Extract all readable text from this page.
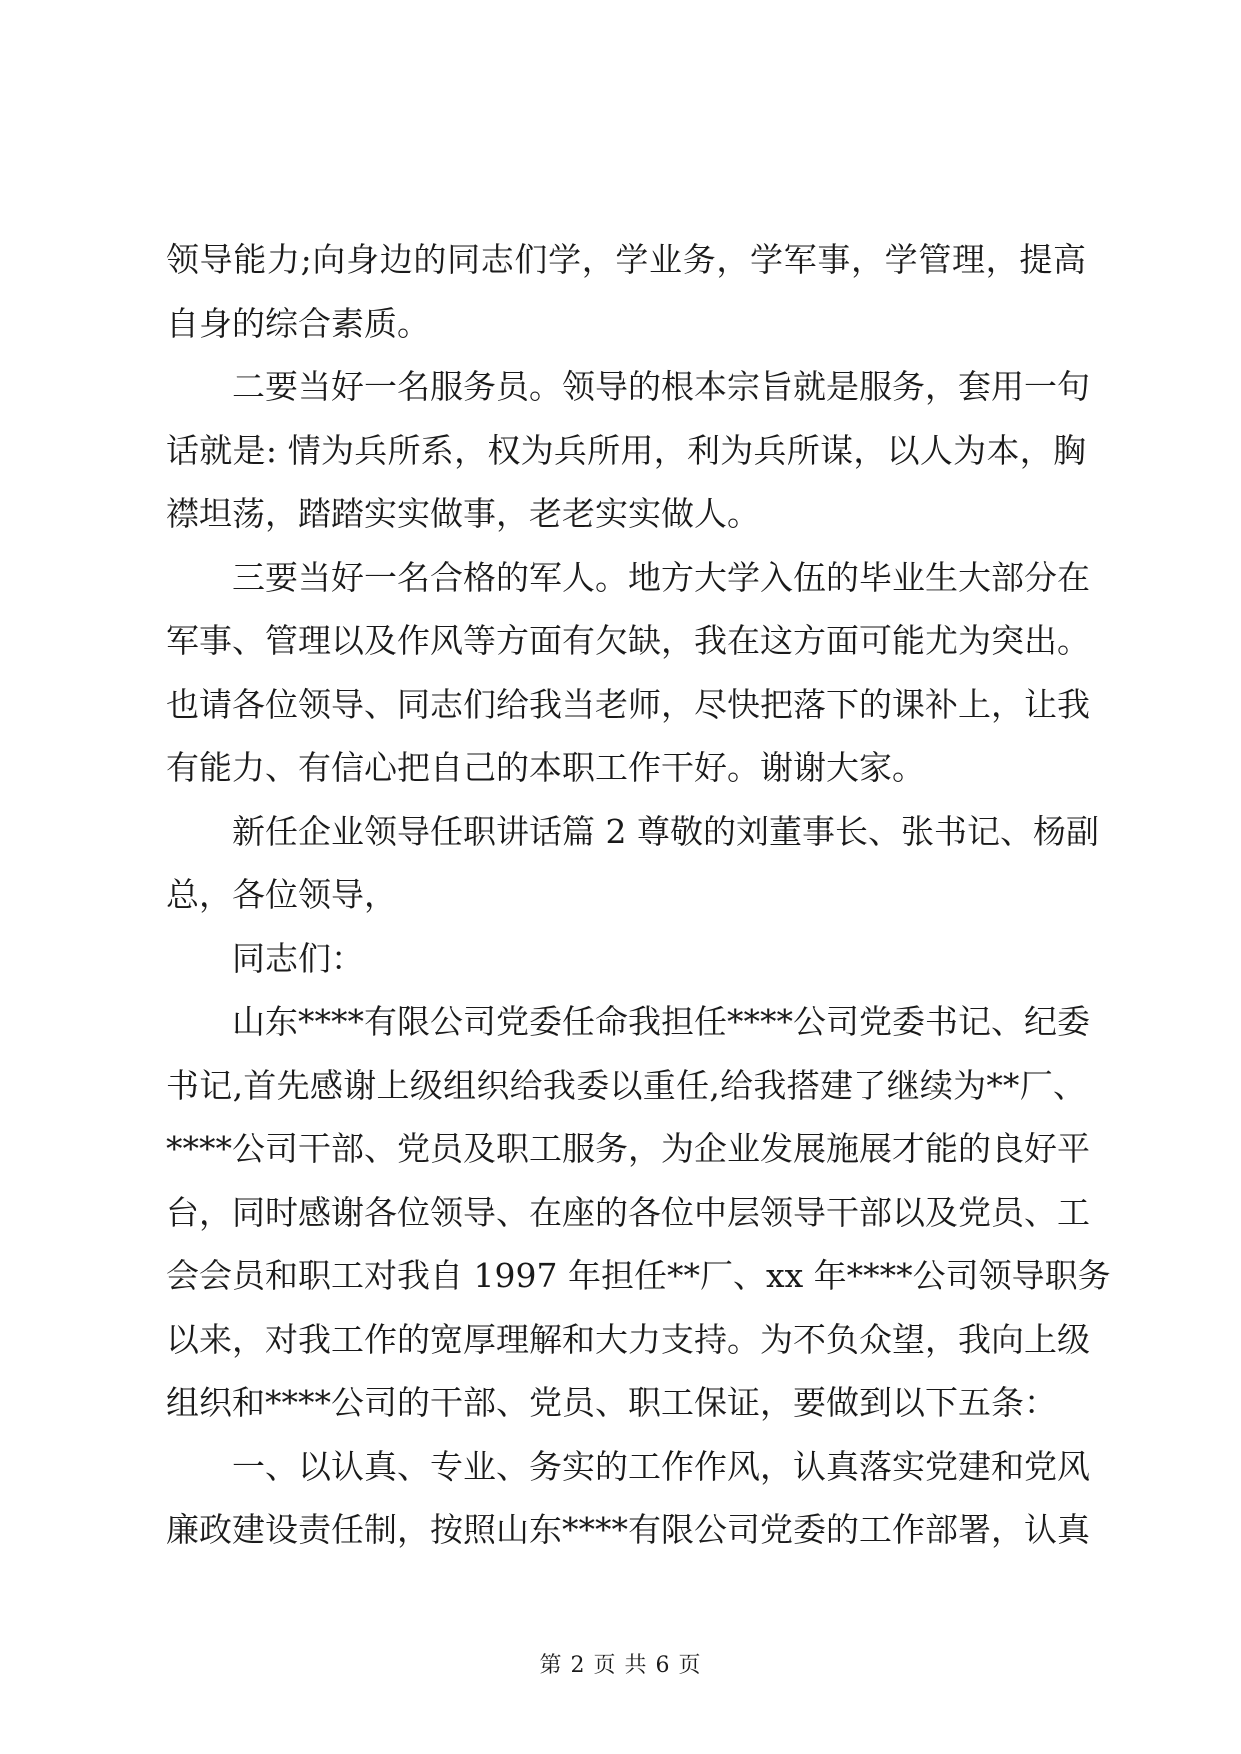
领导能力;向身边的同志们学，学业务，学军事，学管理，提高
自身的综合素质。
二要当好一名服务员。领导的根本宗旨就是服务，套用一句
话就是: 情为兵所系，权为兵所用，利为兵所谋，以人为本，胸
襟坦荡，踏踏实实做事，老老实实做人。
三要当好一名合格的军人。地方大学入伍的毕业生大部分在
军事、管理以及作风等方面有欠缺，我在这方面可能尤为突出。
也请各位领导、同志们给我当老师，尽快把落下的课补上，让我
有能力、有信心把自己的本职工作干好。谢谢大家。
新任企业领导任职讲话篇 2 尊敬的刘董事长、张书记、杨副
总，各位领导，
同志们：
山东****有限公司党委任命我担任****公司党委书记、纪委
书记,首先感谢上级组织给我委以重任,给我搭建了继续为**厂、
****公司干部、党员及职工服务，为企业发展施展才能的良好平
台，同时感谢各位领导、在座的各位中层领导干部以及党员、工
会会员和职工对我自 1997 年担任**厂、xx 年****公司领导职务
以来，对我工作的宽厚理解和大力支持。为不负众望，我向上级
组织和****公司的干部、党员、职工保证，要做到以下五条：
一、以认真、专业、务实的工作作风，认真落实党建和党风
廉政建设责任制，按照山东****有限公司党委的工作部署，认真
第 2 页 共 6 页
